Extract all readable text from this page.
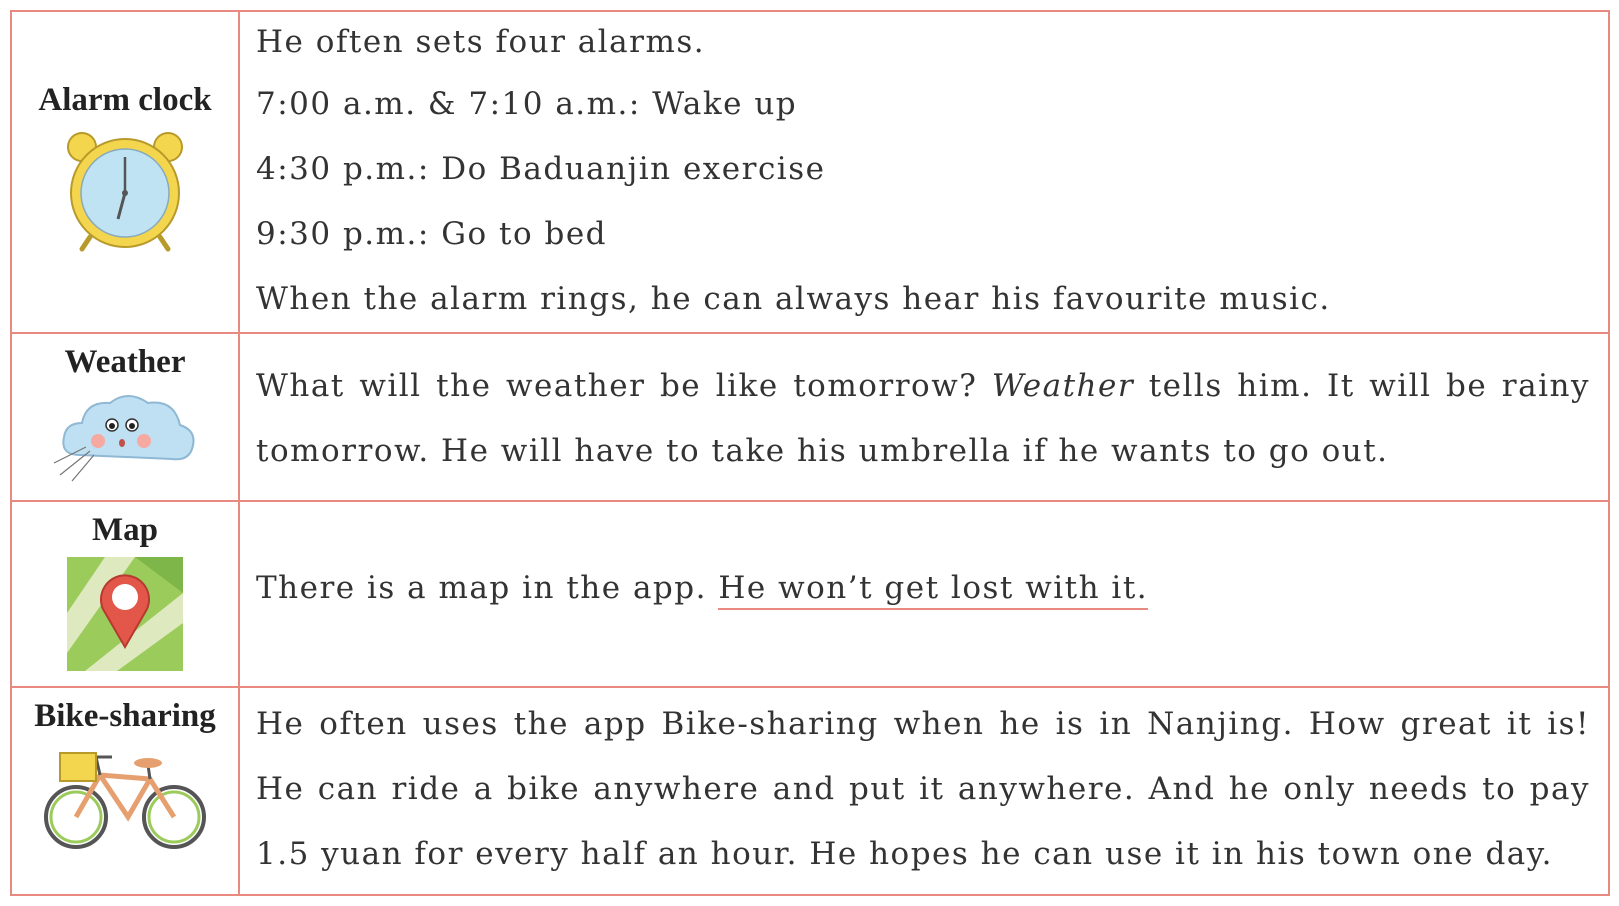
Alarm clock
He often sets four alarms.
7:00 a.m. & 7:10 a.m.: Wake up
4:30 p.m.: Do Baduanjin exercise
9:30 p.m.: Go to bed
When the alarm rings, he can always hear his favourite music.
Weather
What will the weather be like tomorrow? Weather tells him. It will be rainy tomorrow. He will have to take his umbrella if he wants to go out.
Map
There is a map in the app. He won’t get lost with it.
Bike-sharing He often uses the app Bike-sharing when he is in Nanjing. How great it is! He can ride a bike anywhere and put it anywhere. And he only needs to pay 1.5 yuan for every half an hour. He hopes he can use it in his town one day.
